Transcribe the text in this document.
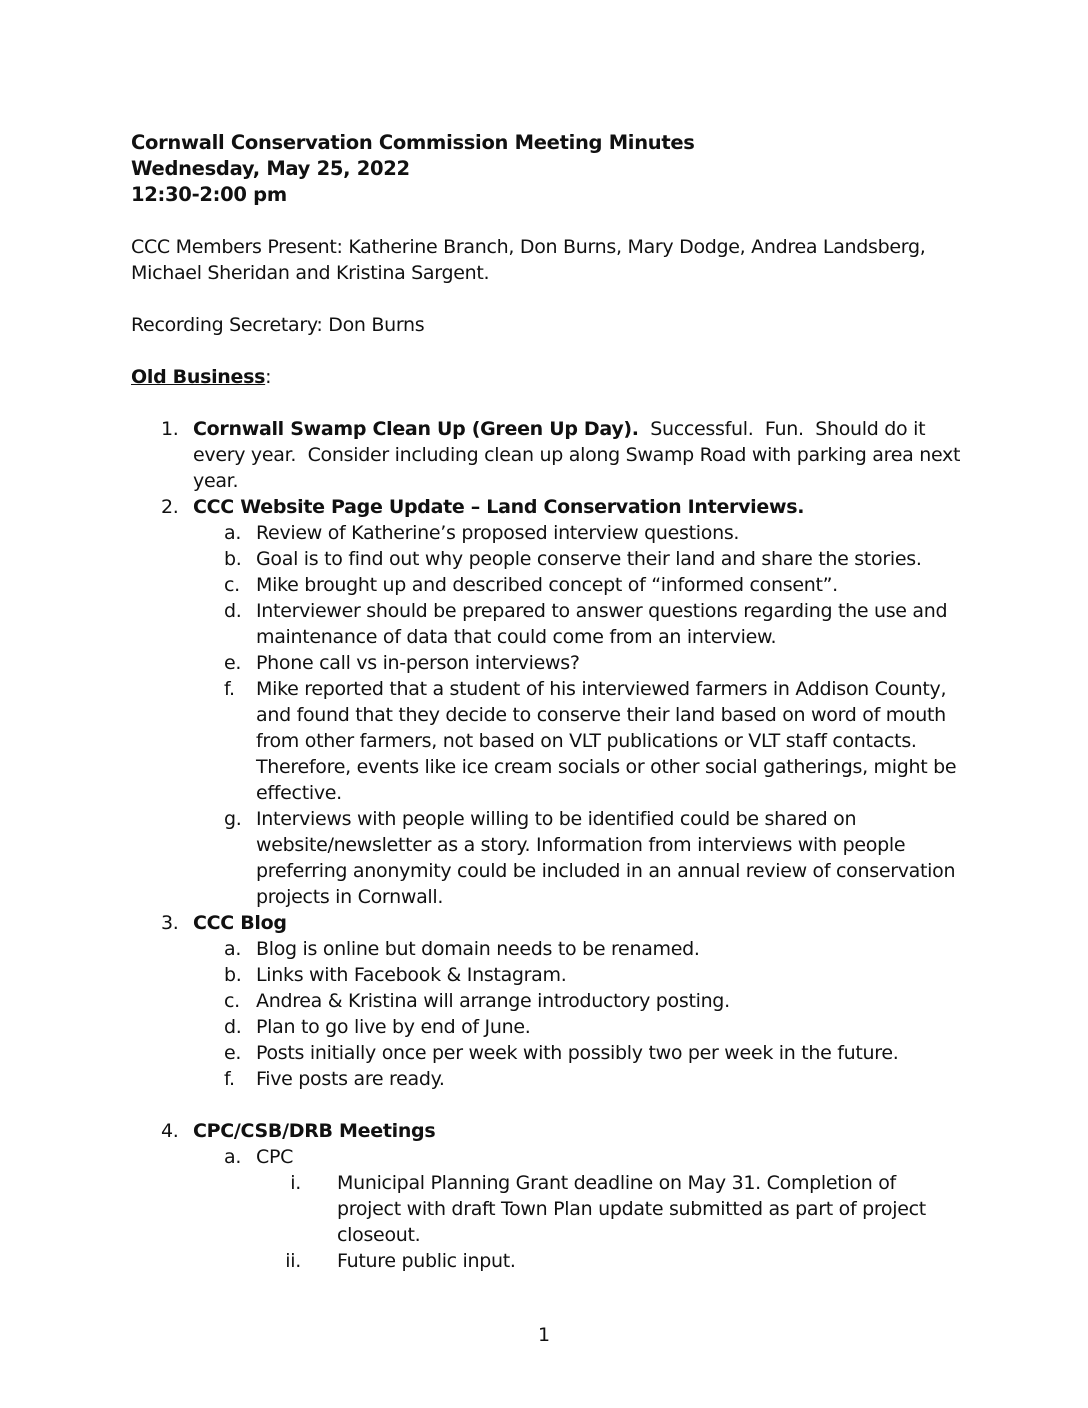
Cornwall Conservation Commission Meeting Minutes
Wednesday, May 25, 2022
12:30-2:00 pm

CCC Members Present: Katherine Branch, Don Burns, Mary Dodge, Andrea Landsberg, Michael Sheridan and Kristina Sargent.

Recording Secretary: Don Burns

Old Business:

1. Cornwall Swamp Clean Up (Green Up Day).  Successful.  Fun.  Should do it every year.  Consider including clean up along Swamp Road with parking area next year.
2. CCC Website Page Update – Land Conservation Interviews.
a. Review of Katherine’s proposed interview questions.
b. Goal is to find out why people conserve their land and share the stories.
c. Mike brought up and described concept of “informed consent”.
d. Interviewer should be prepared to answer questions regarding the use and maintenance of data that could come from an interview.
e. Phone call vs in-person interviews?
f. Mike reported that a student of his interviewed farmers in Addison County, and found that they decide to conserve their land based on word of mouth from other farmers, not based on VLT publications or VLT staff contacts. Therefore, events like ice cream socials or other social gatherings, might be effective.
g. Interviews with people willing to be identified could be shared on website/newsletter as a story. Information from interviews with people preferring anonymity could be included in an annual review of conservation projects in Cornwall.
3. CCC Blog
a. Blog is online but domain needs to be renamed.
b. Links with Facebook & Instagram.
c. Andrea & Kristina will arrange introductory posting.
d. Plan to go live by end of June.
e. Posts initially once per week with possibly two per week in the future.
f. Five posts are ready.
4. CPC/CSB/DRB Meetings
a. CPC
i. Municipal Planning Grant deadline on May 31. Completion of project with draft Town Plan update submitted as part of project closeout.
ii. Future public input.
1
